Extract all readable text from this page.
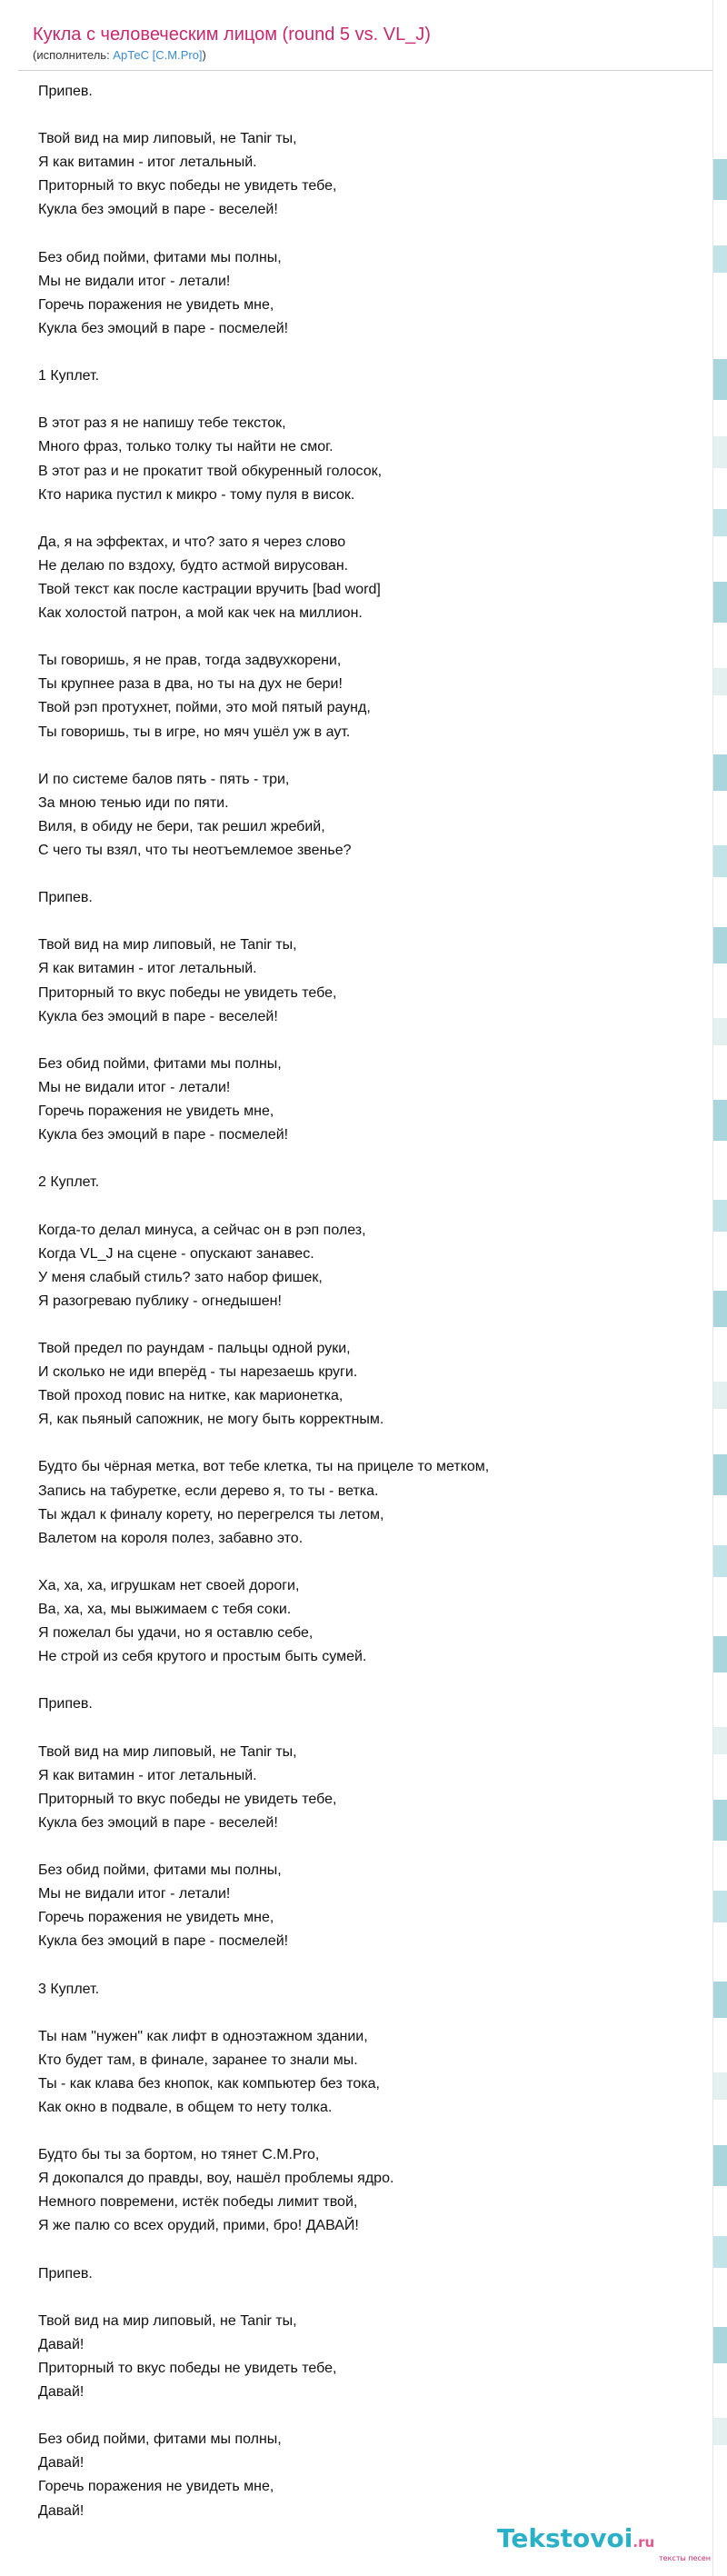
Кукла с человеческим лицом (round 5 vs. VL_J)
(исполнитель: АрТеС [C.M.Pro])
Припев.
Твой вид на мир липовый, не Tanir ты,
Я как витамин - итог летальный.
Приторный то вкус победы не увидеть тебе,
Кукла без эмоций в паре - веселей!
Без обид пойми, фитами мы полны,
Мы не видали итог - летали!
Горечь поражения не увидеть мне,
Кукла без эмоций в паре - посмелей!
1 Куплет.
В этот раз я не напишу тебе тексток,
Много фраз, только толку ты найти не смог.
В этот раз и не прокатит твой обкуренный голосок,
Кто нарика пустил к микро - тому пуля в висок.
Да, я на эффектах, и что? зато я через слово
Не делаю по вздоху, будто астмой вирусован.
Твой текст как после кастрации вручить [bad word]
Как холостой патрон, а мой как чек на миллион.
Ты говоришь, я не прав, тогда задвухкорени,
Ты крупнее раза в два, но ты на дух не бери!
Твой рэп протухнет, пойми, это мой пятый раунд,
Ты говоришь, ты в игре, но мяч ушёл уж в аут.
И по системе балов пять - пять - три,
За мною тенью иди по пяти.
Виля, в обиду не бери, так решил жребий,
С чего ты взял, что ты неотъемлемое звенье?
Припев.
Твой вид на мир липовый, не Tanir ты,
Я как витамин - итог летальный.
Приторный то вкус победы не увидеть тебе,
Кукла без эмоций в паре - веселей!
Без обид пойми, фитами мы полны,
Мы не видали итог - летали!
Горечь поражения не увидеть мне,
Кукла без эмоций в паре - посмелей!
2 Куплет.
Когда-то делал минуса, а сейчас он в рэп полез,
Когда VL_J на сцене - опускают занавес.
У меня слабый стиль? зато набор фишек,
Я разогреваю публику - огнедышен!
Твой предел по раундам - пальцы одной руки,
И сколько не иди вперёд - ты нарезаешь круги.
Твой проход повис на нитке, как марионетка,
Я, как пьяный сапожник, не могу быть корректным.
Будто бы чёрная метка, вот тебе клетка, ты на прицеле то метком,
Запись на табуретке, если дерево я, то ты - ветка.
Ты ждал к финалу корету, но перегрелся ты летом,
Валетом на короля полез, забавно это.
Ха, ха, ха, игрушкам нет своей дороги,
Ва, ха, ха, мы выжимаем с тебя соки.
Я пожелал бы удачи, но я оставлю себе,
Не строй из себя крутого и простым быть сумей.
Припев.
Твой вид на мир липовый, не Tanir ты,
Я как витамин - итог летальный.
Приторный то вкус победы не увидеть тебе,
Кукла без эмоций в паре - веселей!
Без обид пойми, фитами мы полны,
Мы не видали итог - летали!
Горечь поражения не увидеть мне,
Кукла без эмоций в паре - посмелей!
3 Куплет.
Ты нам "нужен" как лифт в одноэтажном здании,
Кто будет там, в финале, заранее то знали мы.
Ты - как клава без кнопок, как компьютер без тока,
Как окно в подвале, в общем то нету толка.
Будто бы ты за бортом, но тянет C.M.Pro,
Я докопался до правды, воу, нашёл проблемы ядро.
Немного повремени, истёк победы лимит твой,
Я же палю со всех орудий, прими, бро! ДАВАЙ!
Припев.
Твой вид на мир липовый, не Tanir ты,
Давай!
Приторный то вкус победы не увидеть тебе,
Давай!
Без обид пойми, фитами мы полны,
Давай!
Горечь поражения не увидеть мне,
Давай!
Tekstovoi.ru
тексты песен
